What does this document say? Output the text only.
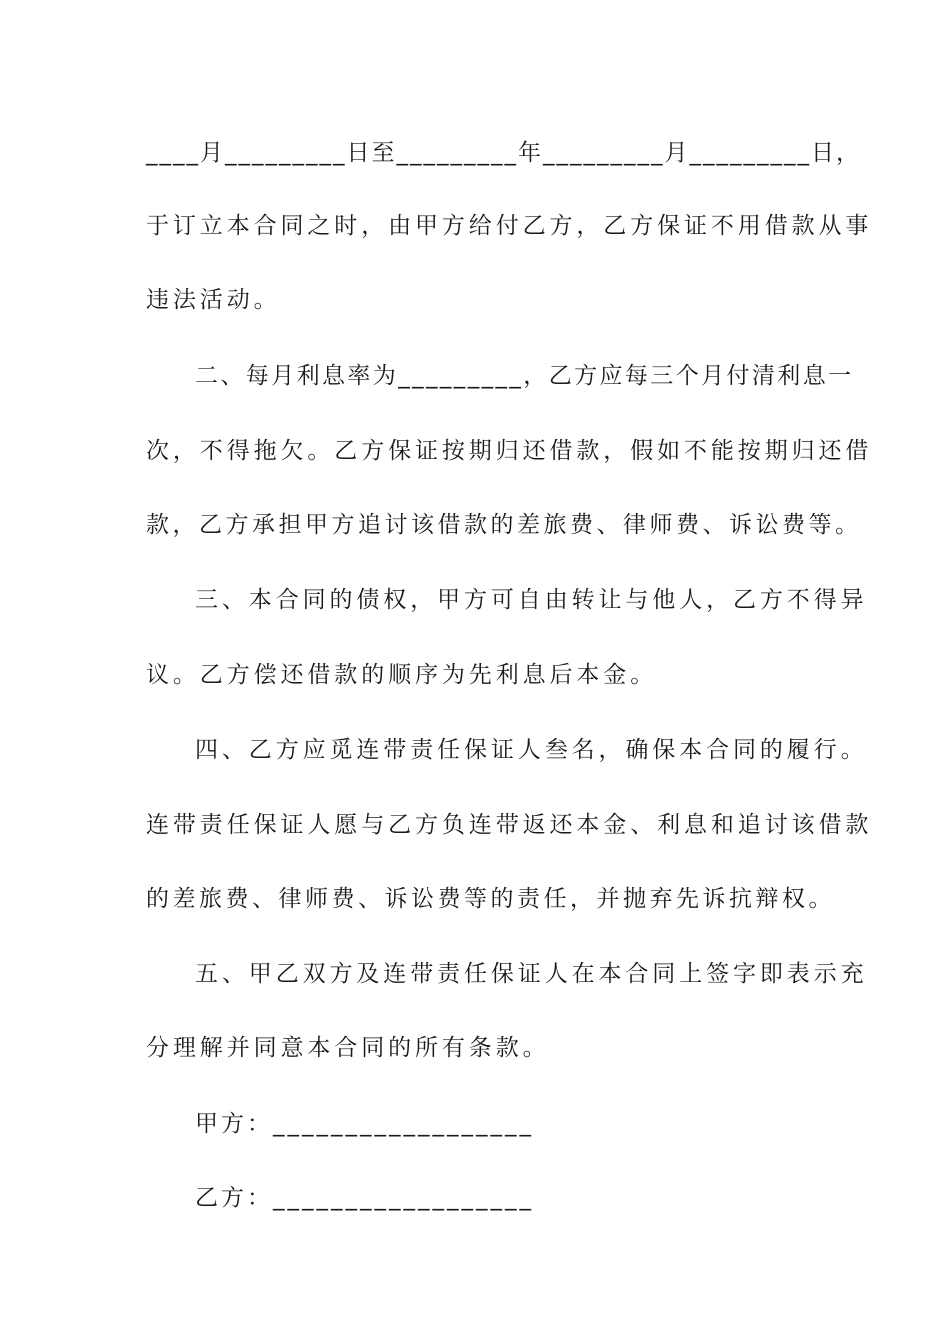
____月_________日至_________年_________月_________日，
于订立本合同之时，由甲方给付乙方，乙方保证不用借款从事
违法活动。
二、每月利息率为_________，乙方应每三个月付清利息一
次，不得拖欠。乙方保证按期归还借款，假如不能按期归还借
款，乙方承担甲方追讨该借款的差旅费、律师费、诉讼费等。
三、本合同的债权，甲方可自由转让与他人，乙方不得异
议。乙方偿还借款的顺序为先利息后本金。
四、乙方应觅连带责任保证人叁名，确保本合同的履行。
连带责任保证人愿与乙方负连带返还本金、利息和追讨该借款
的差旅费、律师费、诉讼费等的责任，并抛弃先诉抗辩权。
五、甲乙双方及连带责任保证人在本合同上签字即表示充
分理解并同意本合同的所有条款。
甲方：__________________
乙方：__________________
